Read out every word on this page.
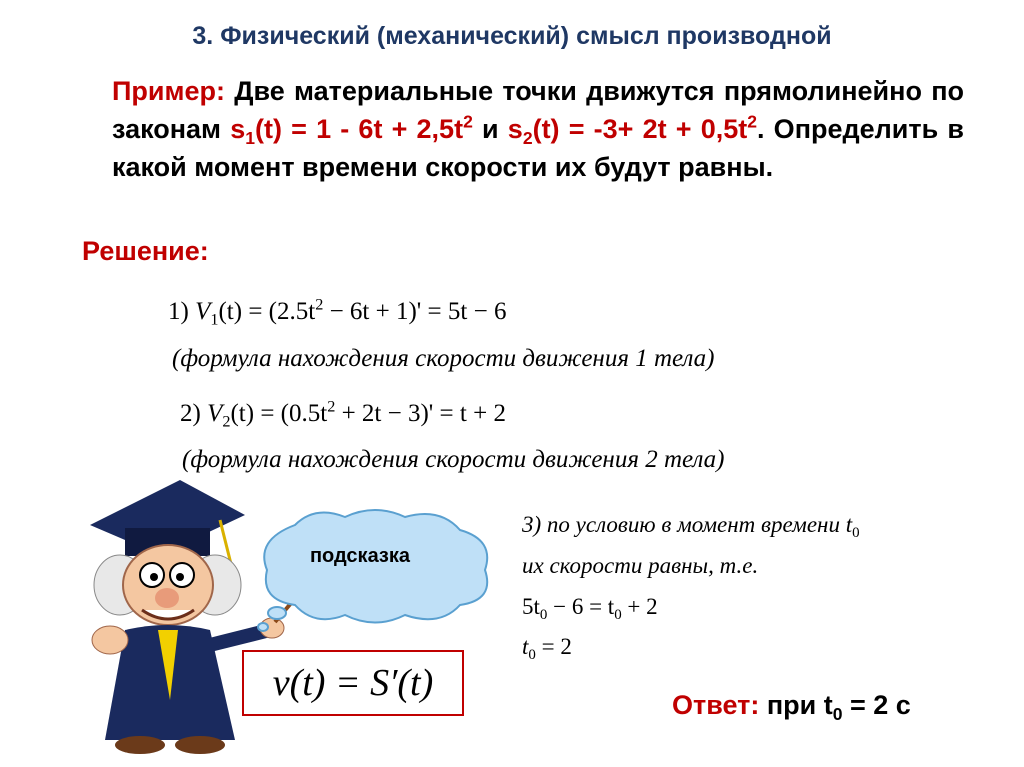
3. Физический (механический) смысл производной
Пример: Две материальные точки движутся прямолинейно по законам $s_1(t) = 1 - 6t + 2,5t^2$ и $s_2(t) = -3+ 2t + 0,5t^2$. Определить в какой момент времени скорости их будут равны.
Решение:
1) $V_1(t) = (2.5t^2 - 6t + 1)' = 5t - 6$
(формула нахождения скорости движения 1 тела)
2) $V_2(t) = (0.5t^2 + 2t - 3)' = t + 2$
(формула нахождения скорости движения 2 тела)
3) по условию в момент времени $t_0$
их скорости равны, т.е.
$5t_0 - 6 = t_0 + 2$
$t_0 = 2$
подсказка
v(t) = S′(t)
Ответ: при $t_0 = 2$ с
